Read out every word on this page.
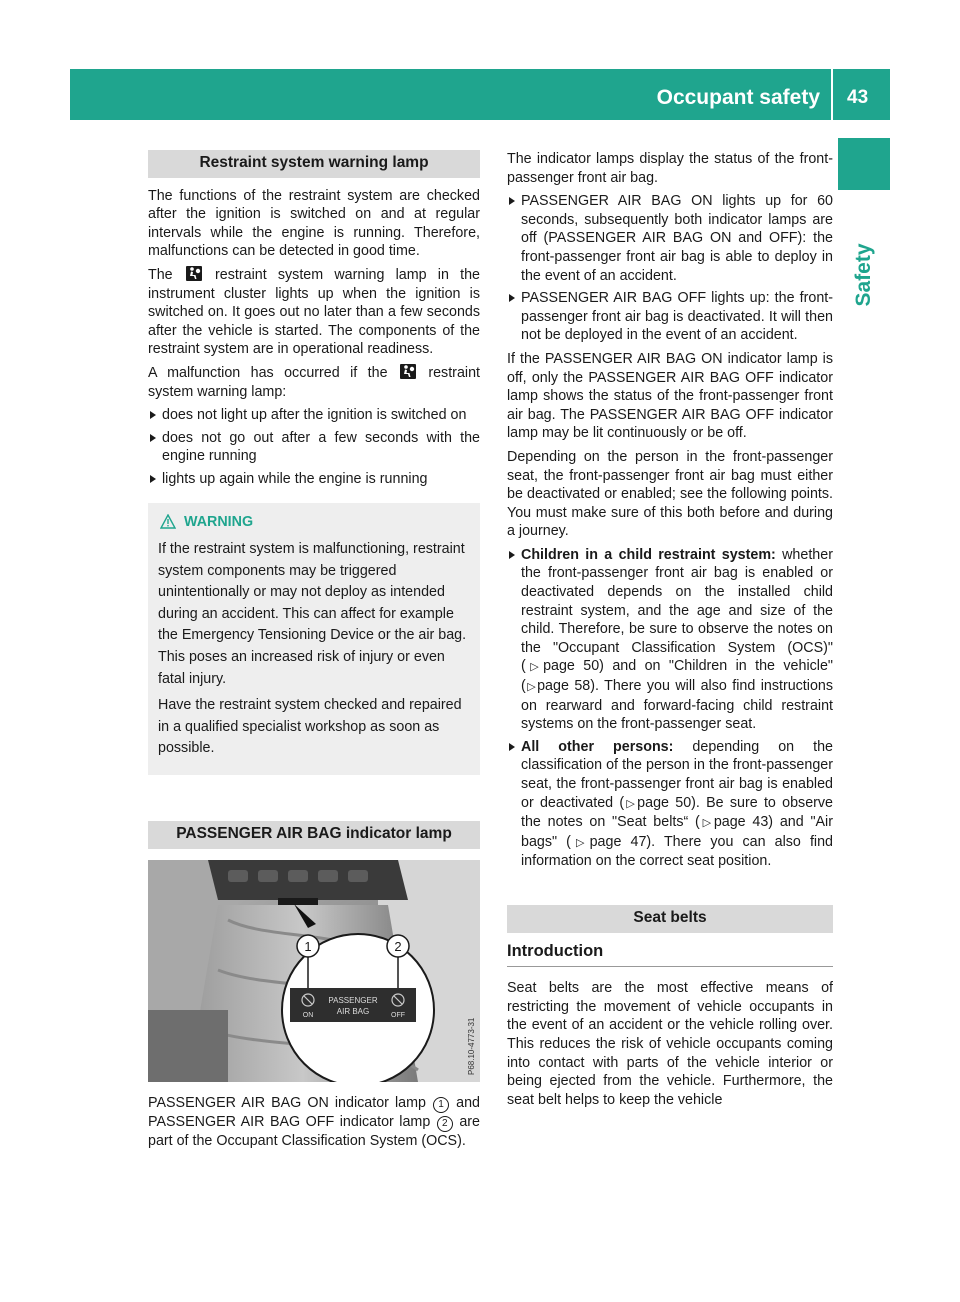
Occupant safety 43
Safety
Restraint system warning lamp

The functions of the restraint system are checked after the ignition is switched on and at regular intervals while the engine is running. Therefore, malfunctions can be detected in good time.

The	restraint system warning lamp in the instrument cluster lights up when the ignition is switched on. It goes out no later than a few seconds after the vehicle is started. The components of the restraint system are in operational readiness.

A malfunction has occurred if the	restraint system warning lamp:

does not light up after the ignition is switched on
does not go out after a few seconds with the engine running
lights up again while the engine is running
WARNING

If the restraint system is malfunctioning, restraint system components may be triggered unintentionally or may not deploy as intended during an accident. This can affect for example the Emergency Tensioning Device or the air bag. This poses an increased risk of injury or even fatal injury.

Have the restraint system checked and repaired in a qualified specialist workshop as soon as possible.

PASSENGER AIR BAG indicator lamp
1	2
PASSENGER
AIR BAG
ON	OFF
P68.10-4773-31

PASSENGER AIR BAG ON indicator lamp 1 and PASSENGER AIR BAG OFF indicator lamp 2 are part of the Occupant Classification System (OCS).

The indicator lamps display the status of the front-passenger front air bag.

PASSENGER AIR BAG ON lights up for 60 seconds, subsequently both indicator lamps are off (PASSENGER AIR BAG ON and OFF): the front-passenger front air bag is able to deploy in the event of an accident.
PASSENGER AIR BAG OFF lights up: the front-passenger front air bag is deactivated. It will then not be deployed in the event of an accident.

If the PASSENGER AIR BAG ON indicator lamp is off, only the PASSENGER AIR BAG OFF indicator lamp shows the status of the front-passenger front air bag. The PASSENGER AIR BAG OFF indicator lamp may be lit continuously or be off.

Depending on the person in the front-passenger seat, the front-passenger front air bag must either be deactivated or enabled; see the following points. You must make sure of this both before and during a journey.

Children in a child restraint system: whether the front-passenger front air bag is enabled or deactivated depends on the installed child restraint system, and the age and size of the child. Therefore, be sure to observe the notes on the "Occupant Classification System (OCS)" (▷page 50) and on "Children in the vehicle" (▷page 58). There you will also find instructions on rearward and forward-facing child restraint systems on the front-passenger seat.
All other persons: depending on the classification of the person in the front-passenger seat, the front-passenger front air bag is enabled or deactivated (▷page 50). Be sure to observe the notes on "Seat belts“ (▷page 43) and "Air bags" (▷page 47). There you can also find information on the correct seat position.
Seat belts
Introduction

Seat belts are the most effective means of restricting the movement of vehicle occupants in the event of an accident or the vehicle rolling over. This reduces the risk of vehicle occupants coming into contact with parts of the vehicle interior or being ejected from the vehicle. Furthermore, the seat belt helps to keep the vehicle
